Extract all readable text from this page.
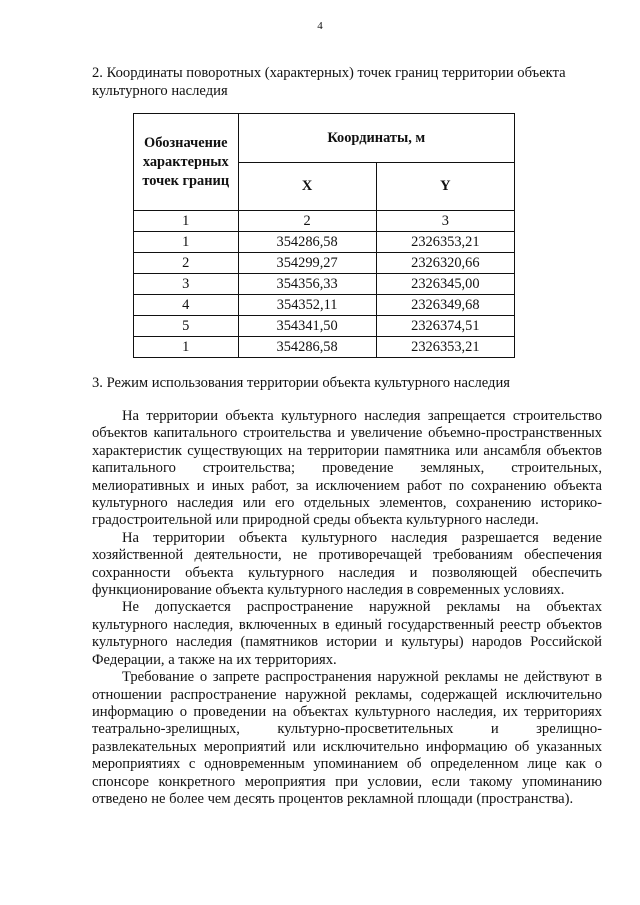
4
2. Координаты поворотных (характерных) точек границ территории объекта культурного наследия
Обозначение характерных точек границ	Координаты, м	
	X	Y
1	2	3
1	354286,58	2326353,21
2	354299,27	2326320,66
3	354356,33	2326345,00
4	354352,11	2326349,68
5	354341,50	2326374,51
1	354286,58	2326353,21
3. Режим использования территории объекта культурного наследия

На территории объекта культурного наследия запрещается строительство объектов капитального строительства и увеличение объемно-пространственных характеристик существующих на территории памятника или ансамбля объектов капитального строительства; проведение земляных, строительных, мелиоративных и иных работ, за исключением работ по сохранению объекта культурного наследия или его отдельных элементов, сохранению историко-градостроительной или природной среды объекта культурного наследи.

На территории объекта культурного наследия разрешается ведение хозяйственной деятельности, не противоречащей требованиям обеспечения сохранности объекта культурного наследия и позволяющей обеспечить функционирование объекта культурного наследия в современных условиях.

Не допускается распространение наружной рекламы на объектах культурного наследия, включенных в единый государственный реестр объектов культурного наследия (памятников истории и культуры) народов Российской Федерации, а также на их территориях.

Требование о запрете распространения наружной рекламы не действуют в отношении распространение наружной рекламы, содержащей исключительно информацию о проведении на объектах культурного наследия, их территориях театрально-зрелищных, культурно-просветительных и зрелищно-развлекательных мероприятий или исключительно информацию об указанных мероприятиях с одновременным упоминанием об определенном лице как о спонсоре конкретного мероприятия при условии, если такому упоминанию отведено не более чем десять процентов рекламной площади (пространства).
